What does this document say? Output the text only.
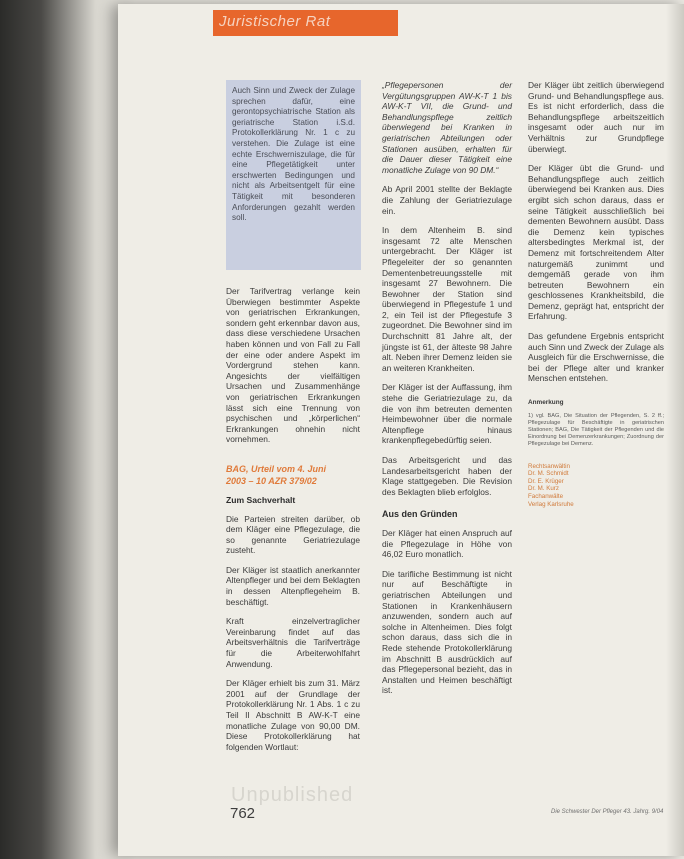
Juristischer Rat
Auch Sinn und Zweck der Zulage sprechen dafür, eine gerontopsychiatrische Station als geriatrische Station i.S.d. Protokollerklärung Nr. 1 c zu verstehen. Die Zulage ist eine echte Erschwerniszulage, die für eine Pflegetätigkeit unter erschwerten Bedingungen und nicht als Arbeitsentgelt für eine Tätigkeit mit besonderen Anforderungen gezahlt werden soll.

Der Tarifvertrag verlange kein Überwiegen bestimmter Aspekte von geriatrischen Erkrankungen, sondern geht erkennbar davon aus, dass diese verschiedene Ursachen haben können und von Fall zu Fall der eine oder andere Aspekt im Vordergrund stehen kann. Angesichts der vielfältigen Ursachen und Zusammenhänge von geriatrischen Erkrankungen lässt sich eine Trennung von psychischen und „körperlichen“ Erkrankungen ohnehin nicht vornehmen.

BAG, Urteil vom 4. Juni
2003 – 10 AZR 379/02
Zum Sachverhalt

Die Parteien streiten darüber, ob dem Kläger eine Pflegezulage, die so genannte Geriatriezulage zusteht.

Der Kläger ist staatlich anerkannter Altenpfleger und bei dem Beklagten in dessen Altenpflegeheim B. beschäftigt.

Kraft einzelvertraglicher Vereinbarung findet auf das Arbeitsverhältnis die Tarifverträge für die Arbeiterwohlfahrt Anwendung.

Der Kläger erhielt bis zum 31. März 2001 auf der Grundlage der Protokollerklärung Nr. 1 Abs. 1 c zu Teil II Abschnitt B AW-K-T eine monatliche Zulage von 90,00 DM. Diese Protokollerklärung hat folgenden Wortlaut:

„Pflegepersonen der Vergütungsgruppen AW-K-T 1 bis AW-K-T VII, die Grund- und Behandlungspflege zeitlich überwiegend bei Kranken in geriatrischen Abteilungen oder Stationen ausüben, erhalten für die Dauer dieser Tätigkeit eine monatliche Zulage von 90 DM.“

Ab April 2001 stellte der Beklagte die Zahlung der Geriatriezulage ein.

In dem Altenheim B. sind insgesamt 72 alte Menschen untergebracht. Der Kläger ist Pflegeleiter der so genannten Dementenbetreuungsstelle mit insgesamt 27 Bewohnern. Die Bewohner der Station sind überwiegend in Pflegestufe 1 und 2, ein Teil ist der Pflegestufe 3 zugeordnet. Die Bewohner sind im Durchschnitt 81 Jahre alt, der jüngste ist 61, der älteste 98 Jahre alt. Neben ihrer Demenz leiden sie an weiteren Krankheiten.

Der Kläger ist der Auffassung, ihm stehe die Geriatriezulage zu, da die von ihm betreuten dementen Heimbewohner über die normale Altenpflege hinaus krankenpflegebedürftig seien.

Das Arbeitsgericht und das Landesarbeitsgericht haben der Klage stattgegeben. Die Revision des Beklagten blieb erfolglos.

Aus den Gründen

Der Kläger hat einen Anspruch auf die Pflegezulage in Höhe von 46,02 Euro monatlich.

Die tarifliche Bestimmung ist nicht nur auf Beschäftigte in geriatrischen Abteilungen und Stationen in Krankenhäusern anzuwenden, sondern auch auf solche in Altenheimen. Dies folgt schon daraus, dass sich die in Rede stehende Protokollerklärung im Abschnitt B ausdrücklich auf das Pflegepersonal bezieht, das in Anstalten und Heimen beschäftigt ist.

Der Kläger übt zeitlich überwiegend Grund- und Behandlungspflege aus. Es ist nicht erforderlich, dass die Behandlungspflege arbeitszeitlich insgesamt oder auch nur im Verhältnis zur Grundpflege überwiegt.

Der Kläger übt die Grund- und Behandlungspflege auch zeitlich überwiegend bei Kranken aus. Dies ergibt sich schon daraus, dass er seine Tätigkeit ausschließlich bei dementen Bewohnern ausübt. Dass die Demenz kein typisches altersbedingtes Merkmal ist, der Demenz mit fortschreitendem Alter naturgemäß zunimmt und demgemäß gerade von ihm betreuten Bewohnern ein geschlossenes Krankheitsbild, die Demenz, geprägt hat, entspricht der Erfahrung.

Das gefundene Ergebnis entspricht auch Sinn und Zweck der Zulage als Ausgleich für die Erschwernisse, die bei der Pflege alter und kranker Menschen entstehen.

Anmerkung
1) vgl. BAG, Die Situation der Pflegenden, S. 2 ff.; Pflegezulage für Beschäftigte in geriatrischen Stationen; BAG, Die Tätigkeit der Pflegenden und die Einordnung bei Demenzerkrankungen; Zuordnung der Pflegezulage bei Demenz.
Rechtsanwältin
Dr. M. Schmidt
Dr. E. Krüger
Dr. M. Kurz
Fachanwälte
Verlag Karlsruhe
Unpublished
762	Die Schwester Der Pfleger 43. Jahrg. 9/04
